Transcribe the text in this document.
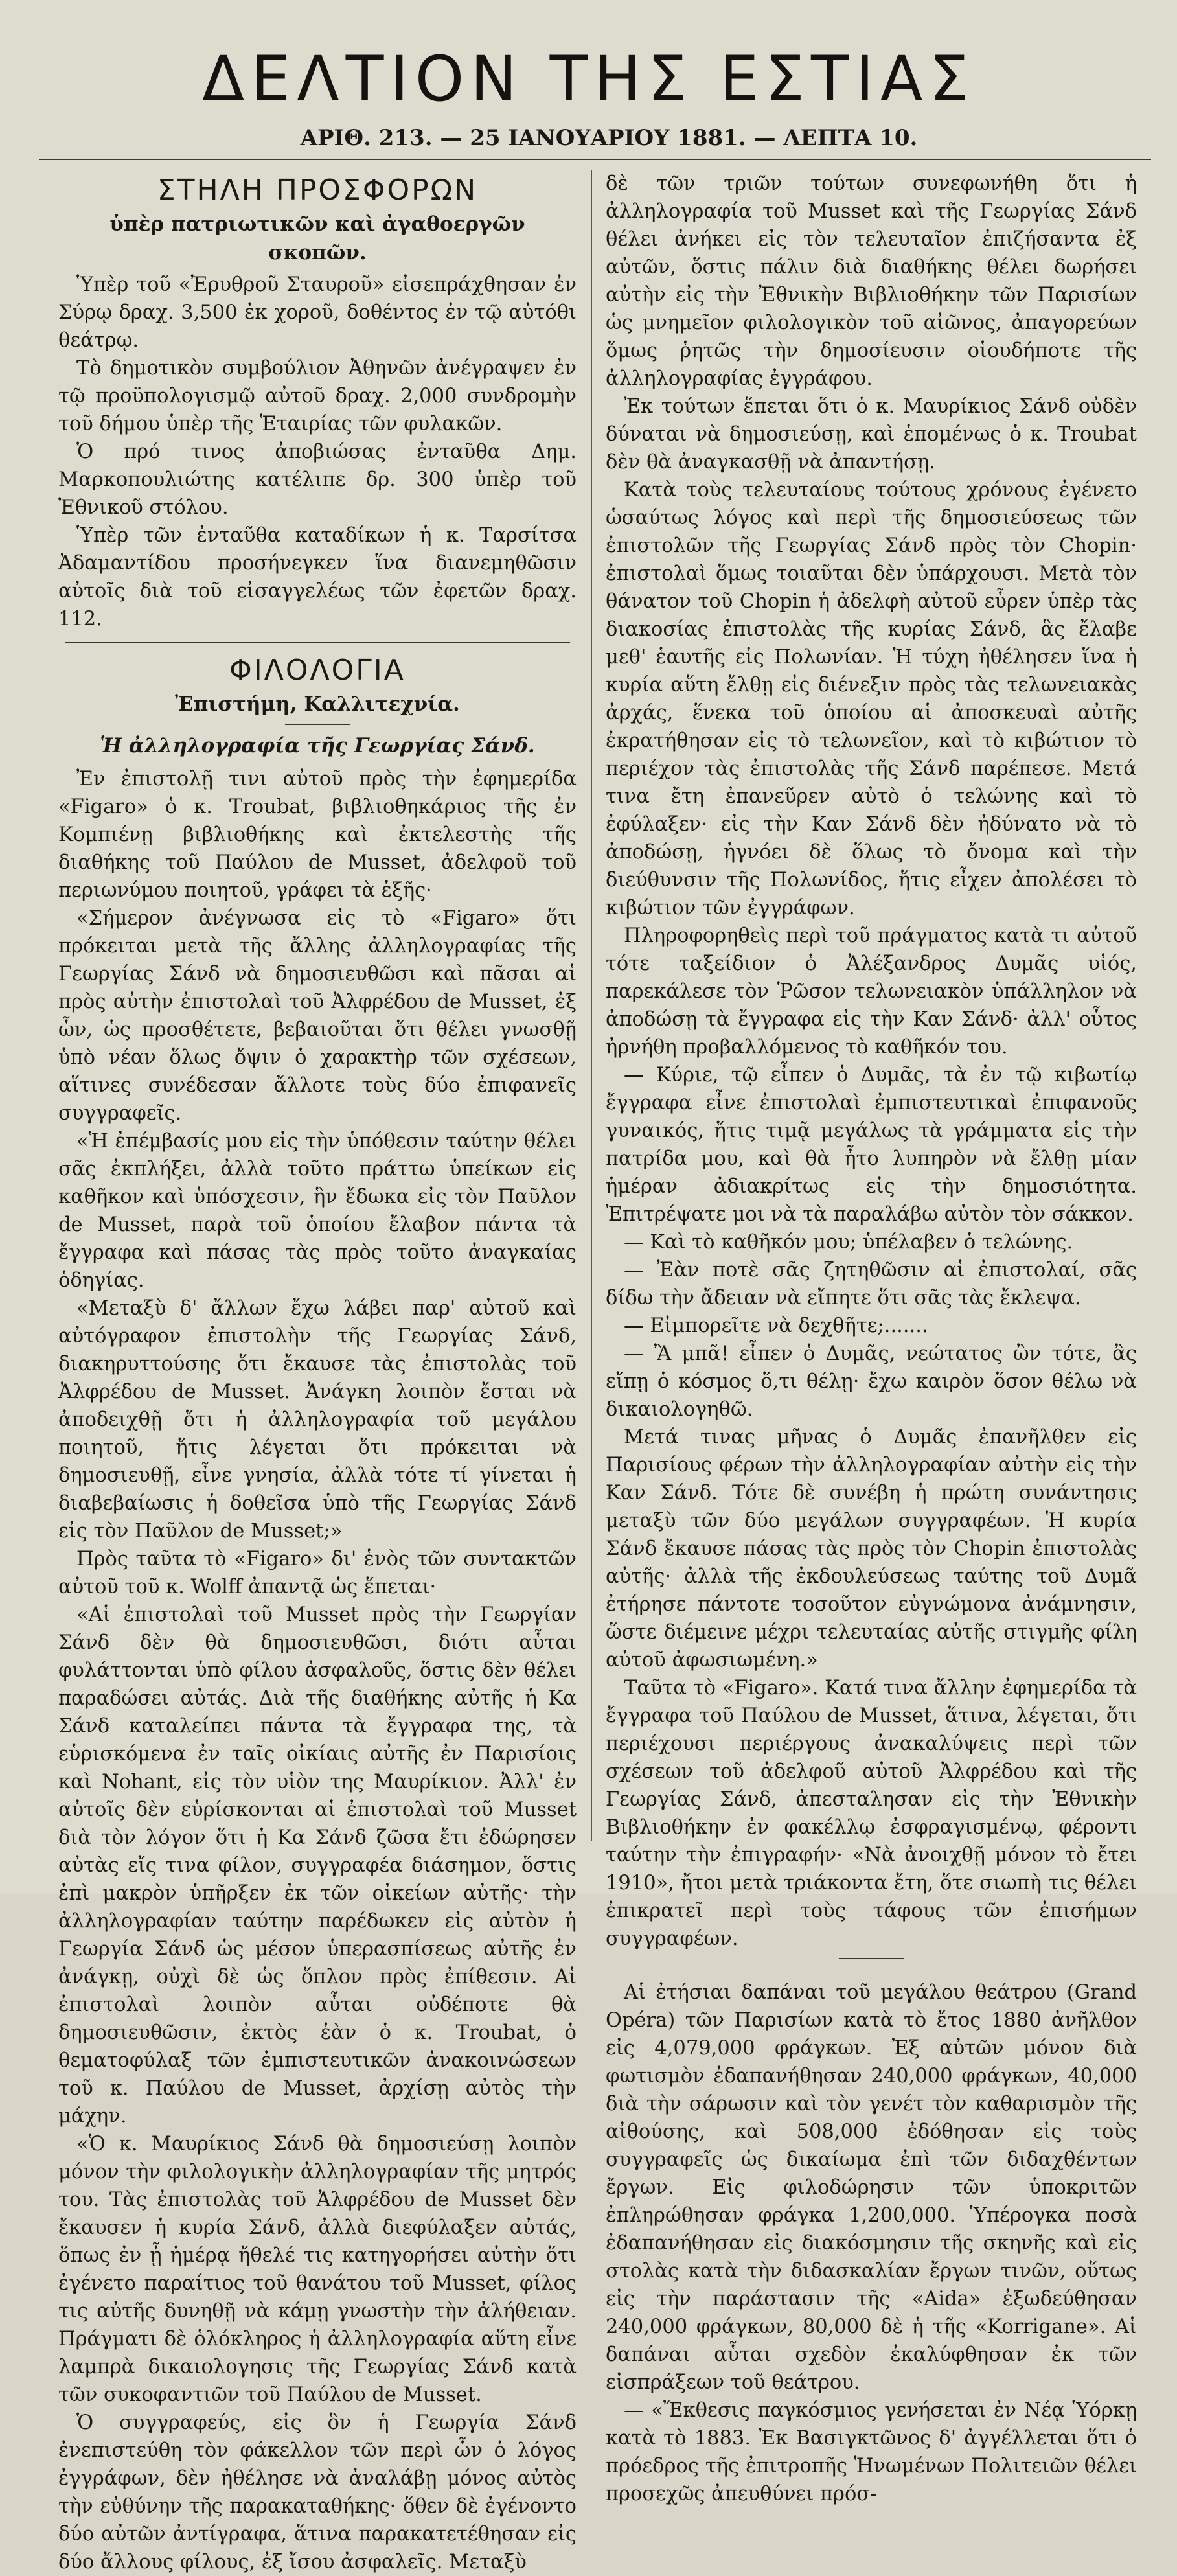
ΔΕΛΤΙΟΝ ΤΗΣ ΕΣΤΙΑΣ
ΑΡΙΘ. 213. — 25 ΙΑΝΟΥΑΡΙΟΥ 1881. — ΛΕΠΤΑ 10.
ΣΤΗΛΗ ΠΡΟΣΦΟΡΩΝ
ὑπὲρ πατριωτικῶν καὶ ἀγαθοεργῶν σκοπῶν.

Ὑπὲρ τοῦ «Ἐρυθροῦ Σταυροῦ» εἰσεπράχθησαν ἐν Σύρῳ δραχ. 3,500 ἐκ χοροῦ, δοθέντος ἐν τῷ αὐτόθι θεάτρῳ.

Τὸ δημοτικὸν συμβούλιον Ἀθηνῶν ἀνέγραψεν ἐν τῷ προϋπολογισμῷ αὐτοῦ δραχ. 2,000 συνδρομὴν τοῦ δήμου ὑπὲρ τῆς Ἑταιρίας τῶν φυλακῶν.

Ὁ πρό τινος ἀποβιώσας ἐνταῦθα Δημ. Μαρκοπουλιώτης κατέλιπε δρ. 300 ὑπὲρ τοῦ Ἐθνικοῦ στόλου.

Ὑπὲρ τῶν ἐνταῦθα καταδίκων ἡ κ. Ταρσίτσα Ἀδαμαντίδου προσήνεγκεν ἵνα διανεμηθῶσιν αὐτοῖς διὰ τοῦ εἰσαγγελέως τῶν ἐφετῶν δραχ. 112.

ΦΙΛΟΛΟΓΙΑ
Ἐπιστήμη, Καλλιτεχνία.
Ἡ ἀλληλογραφία τῆς Γεωργίας Σάνδ.

Ἐν ἐπιστολῇ τινι αὐτοῦ πρὸς τὴν ἐφημερίδα «Figaro» ὁ κ. Troubat, βιβλιοθηκάριος τῆς ἐν Κομπιένῃ βιβλιοθήκης καὶ ἐκτελεστὴς τῆς διαθήκης τοῦ Παύλου de Musset, ἀδελφοῦ τοῦ περιωνύμου ποιητοῦ, γράφει τὰ ἑξῆς·

«Σήμερον ἀνέγνωσα εἰς τὸ «Figaro» ὅτι πρόκειται μετὰ τῆς ἄλλης ἀλληλογραφίας τῆς Γεωργίας Σάνδ νὰ δημοσιευθῶσι καὶ πᾶσαι αἱ πρὸς αὐτὴν ἐπιστολαὶ τοῦ Ἀλφρέδου de Musset, ἐξ ὧν, ὡς προσθέτετε, βεβαιοῦται ὅτι θέλει γνωσθῇ ὑπὸ νέαν ὅλως ὄψιν ὁ χαρακτὴρ τῶν σχέσεων, αἵτινες συνέδεσαν ἄλλοτε τοὺς δύο ἐπιφανεῖς συγγραφεῖς.

«Ἡ ἐπέμβασίς μου εἰς τὴν ὑπόθεσιν ταύτην θέλει σᾶς ἐκπλήξει, ἀλλὰ τοῦτο πράττω ὑπείκων εἰς καθῆκον καὶ ὑπόσχεσιν, ἣν ἔδωκα εἰς τὸν Παῦλον de Musset, παρὰ τοῦ ὁποίου ἔλαβον πάντα τὰ ἔγγραφα καὶ πάσας τὰς πρὸς τοῦτο ἀναγκαίας ὁδηγίας.

«Μεταξὺ δ' ἄλλων ἔχω λάβει παρ' αὐτοῦ καὶ αὐτόγραφον ἐπιστολὴν τῆς Γεωργίας Σάνδ, διακηρυττούσης ὅτι ἔκαυσε τὰς ἐπιστολὰς τοῦ Ἀλφρέδου de Musset. Ἀνάγκη λοιπὸν ἔσται νὰ ἀποδειχθῇ ὅτι ἡ ἀλληλογραφία τοῦ μεγάλου ποιητοῦ, ἥτις λέγεται ὅτι πρόκειται νὰ δημοσιευθῇ, εἶνε γνησία, ἀλλὰ τότε τί γίνεται ἡ διαβεβαίωσις ἡ δοθεῖσα ὑπὸ τῆς Γεωργίας Σάνδ εἰς τὸν Παῦλον de Musset;»

Πρὸς ταῦτα τὸ «Figaro» δι' ἑνὸς τῶν συντακτῶν αὐτοῦ τοῦ κ. Wolff ἀπαντᾷ ὡς ἕπεται·

«Αἱ ἐπιστολαὶ τοῦ Musset πρὸς τὴν Γεωργίαν Σάνδ δὲν θὰ δημοσιευθῶσι, διότι αὗται φυλάττονται ὑπὸ φίλου ἀσφαλοῦς, ὅστις δὲν θέλει παραδώσει αὐτάς. Διὰ τῆς διαθήκης αὐτῆς ἡ Κα Σάνδ καταλείπει πάντα τὰ ἔγγραφα της, τὰ εὑρισκόμενα ἐν ταῖς οἰκίαις αὐτῆς ἐν Παρισίοις καὶ Nohant, εἰς τὸν υἱὸν της Μαυρίκιον. Ἀλλ' ἐν αὐτοῖς δὲν εὑρίσκονται αἱ ἐπιστολαὶ τοῦ Musset διὰ τὸν λόγον ὅτι ἡ Κα Σάνδ ζῶσα ἔτι ἐδώρησεν αὐτὰς εἴς τινα φίλον, συγγραφέα διάσημον, ὅστις ἐπὶ μακρὸν ὑπῆρξεν ἐκ τῶν οἰκείων αὐτῆς· τὴν ἀλληλογραφίαν ταύτην παρέδωκεν εἰς αὐτὸν ἡ Γεωργία Σάνδ ὡς μέσον ὑπερασπίσεως αὐτῆς ἐν ἀνάγκῃ, οὐχὶ δὲ ὡς ὅπλον πρὸς ἐπίθεσιν. Αἱ ἐπιστολαὶ λοιπὸν αὗται οὐδέποτε θὰ δημοσιευθῶσιν, ἐκτὸς ἐὰν ὁ κ. Troubat, ὁ θεματοφύλαξ τῶν ἐμπιστευτικῶν ἀνακοινώσεων τοῦ κ. Παύλου de Musset, ἀρχίσῃ αὐτὸς τὴν μάχην.

«Ὁ κ. Μαυρίκιος Σάνδ θὰ δημοσιεύσῃ λοιπὸν μόνον τὴν φιλολογικὴν ἀλληλογραφίαν τῆς μητρός του. Τὰς ἐπιστολὰς τοῦ Ἀλφρέδου de Musset δὲν ἔκαυσεν ἡ κυρία Σάνδ, ἀλλὰ διεφύλαξεν αὐτάς, ὅπως ἐν ᾗ ἡμέρᾳ ἤθελέ τις κατηγορήσει αὐτὴν ὅτι ἐγένετο παραίτιος τοῦ θανάτου τοῦ Musset, φίλος τις αὐτῆς δυνηθῇ νὰ κάμῃ γνωστὴν τὴν ἀλήθειαν. Πράγματι δὲ ὁλόκληρος ἡ ἀλληλογραφία αὕτη εἶνε λαμπρὰ δικαιολογησις τῆς Γεωργίας Σάνδ κατὰ τῶν συκοφαντιῶν τοῦ Παύλου de Musset.

Ὁ συγγραφεύς, εἰς ὃν ἡ Γεωργία Σάνδ ἐνεπιστεύθη τὸν φάκελλον τῶν περὶ ὧν ὁ λόγος ἐγγράφων, δὲν ἠθέλησε νὰ ἀναλάβῃ μόνος αὐτὸς τὴν εὐθύνην τῆς παρακαταθήκης· ὅθεν δὲ ἐγένοντο δύο αὐτῶν ἀντίγραφα, ἅτινα παρακατετέθησαν εἰς δύο ἄλλους φίλους, ἐξ ἴσου ἀσφαλεῖς. Μεταξὺ

δὲ τῶν τριῶν τούτων συνεφωνήθη ὅτι ἡ ἀλληλογραφία τοῦ Musset καὶ τῆς Γεωργίας Σάνδ θέλει ἀνήκει εἰς τὸν τελευταῖον ἐπιζήσαντα ἐξ αὐτῶν, ὅστις πάλιν διὰ διαθήκης θέλει δωρήσει αὐτὴν εἰς τὴν Ἐθνικὴν Βιβλιοθήκην τῶν Παρισίων ὡς μνημεῖον φιλολογικὸν τοῦ αἰῶνος, ἀπαγορεύων ὅμως ῥητῶς τὴν δημοσίευσιν οἱουδήποτε τῆς ἀλληλογραφίας ἐγγράφου.

Ἐκ τούτων ἕπεται ὅτι ὁ κ. Μαυρίκιος Σάνδ οὐδὲν δύναται νὰ δημοσιεύσῃ, καὶ ἑπομένως ὁ κ. Troubat δὲν θὰ ἀναγκασθῇ νὰ ἀπαντήσῃ.

Κατὰ τοὺς τελευταίους τούτους χρόνους ἐγένετο ὡσαύτως λόγος καὶ περὶ τῆς δημοσιεύσεως τῶν ἐπιστολῶν τῆς Γεωργίας Σάνδ πρὸς τὸν Chopin· ἐπιστολαὶ ὅμως τοιαῦται δὲν ὑπάρχουσι. Μετὰ τὸν θάνατον τοῦ Chopin ἡ ἀδελφὴ αὐτοῦ εὗρεν ὑπὲρ τὰς διακοσίας ἐπιστολὰς τῆς κυρίας Σάνδ, ἃς ἔλαβε μεθ' ἑαυτῆς εἰς Πολωνίαν. Ἡ τύχη ἠθέλησεν ἵνα ἡ κυρία αὕτη ἔλθῃ εἰς διένεξιν πρὸς τὰς τελωνειακὰς ἀρχάς, ἕνεκα τοῦ ὁποίου αἱ ἀποσκευαὶ αὐτῆς ἐκρατήθησαν εἰς τὸ τελωνεῖον, καὶ τὸ κιβώτιον τὸ περιέχον τὰς ἐπιστολὰς τῆς Σάνδ παρέπεσε. Μετά τινα ἔτη ἐπανεῦρεν αὐτὸ ὁ τελώνης καὶ τὸ ἐφύλαξεν· εἰς τὴν Καν Σάνδ δὲν ἠδύνατο νὰ τὸ ἀποδώσῃ, ἠγνόει δὲ ὅλως τὸ ὄνομα καὶ τὴν διεύθυνσιν τῆς Πολωνίδος, ἥτις εἶχεν ἀπολέσει τὸ κιβώτιον τῶν ἐγγράφων.

Πληροφορηθεὶς περὶ τοῦ πράγματος κατὰ τι αὐτοῦ τότε ταξείδιον ὁ Ἀλέξανδρος Δυμᾶς υἱός, παρεκάλεσε τὸν Ῥῶσον τελωνειακὸν ὑπάλληλον νὰ ἀποδώσῃ τὰ ἔγγραφα εἰς τὴν Καν Σάνδ· ἀλλ' οὗτος ἠρνήθη προβαλλόμενος τὸ καθῆκόν του.

— Κύριε, τῷ εἶπεν ὁ Δυμᾶς, τὰ ἐν τῷ κιβωτίῳ ἔγγραφα εἶνε ἐπιστολαὶ ἐμπιστευτικαὶ ἐπιφανοῦς γυναικός, ἥτις τιμᾷ μεγάλως τὰ γράμματα εἰς τὴν πατρίδα μου, καὶ θὰ ἦτο λυπηρὸν νὰ ἔλθῃ μίαν ἡμέραν ἀδιακρίτως εἰς τὴν δημοσιότητα. Ἐπιτρέψατε μοι νὰ τὰ παραλάβω αὐτὸν τὸν σάκκον.

— Καὶ τὸ καθῆκόν μου; ὑπέλαβεν ὁ τελώνης.

— Ἐὰν ποτὲ σᾶς ζητηθῶσιν αἱ ἐπιστολαί, σᾶς δίδω τὴν ἄδειαν νὰ εἴπητε ὅτι σᾶς τὰς ἔκλεψα.

— Εἰμπορεῖτε νὰ δεχθῆτε;.......

— Ἂ μπᾶ! εἶπεν ὁ Δυμᾶς, νεώτατος ὢν τότε, ἂς εἴπῃ ὁ κόσμος ὅ,τι θέλῃ· ἔχω καιρὸν ὅσον θέλω νὰ δικαιολογηθῶ.

Μετά τινας μῆνας ὁ Δυμᾶς ἐπανῆλθεν εἰς Παρισίους φέρων τὴν ἀλληλογραφίαν αὐτὴν εἰς τὴν Καν Σάνδ. Τότε δὲ συνέβη ἡ πρώτη συνάντησις μεταξὺ τῶν δύο μεγάλων συγγραφέων. Ἡ κυρία Σάνδ ἔκαυσε πάσας τὰς πρὸς τὸν Chopin ἐπιστολὰς αὐτῆς· ἀλλὰ τῆς ἐκδουλεύσεως ταύτης τοῦ Δυμᾶ ἐτήρησε πάντοτε τοσοῦτον εὐγνώμονα ἀνάμνησιν, ὥστε διέμεινε μέχρι τελευταίας αὐτῆς στιγμῆς φίλη αὐτοῦ ἀφωσιωμένη.»

Ταῦτα τὸ «Figaro». Κατά τινα ἄλλην ἐφημερίδα τὰ ἔγγραφα τοῦ Παύλου de Musset, ἅτινα, λέγεται, ὅτι περιέχουσι περιέργους ἀνακαλύψεις περὶ τῶν σχέσεων τοῦ ἀδελφοῦ αὐτοῦ Ἀλφρέδου καὶ τῆς Γεωργίας Σάνδ, ἀπεσταλησαν εἰς τὴν Ἐθνικὴν Βιβλιοθήκην ἐν φακέλλῳ ἐσφραγισμένῳ, φέροντι ταύτην τὴν ἐπιγραφήν· «Νὰ ἀνοιχθῇ μόνον τὸ ἔτει 1910», ἤτοι μετὰ τριάκοντα ἔτη, ὅτε σιωπὴ τις θέλει ἐπικρατεῖ περὶ τοὺς τάφους τῶν ἐπισήμων συγγραφέων.

Αἱ ἐτήσιαι δαπάναι τοῦ μεγάλου θεάτρου (Grand Opéra) τῶν Παρισίων κατὰ τὸ ἔτος 1880 ἀνῆλθον εἰς 4,079,000 φράγκων. Ἐξ αὐτῶν μόνον διὰ φωτισμὸν ἐδαπανήθησαν 240,000 φράγκων, 40,000 διὰ τὴν σάρωσιν καὶ τὸν γενέτ τὸν καθαρισμὸν τῆς αἰθούσης, καὶ 508,000 ἐδόθησαν εἰς τοὺς συγγραφεῖς ὡς δικαίωμα ἐπὶ τῶν διδαχθέντων ἔργων. Εἰς φιλοδώρησιν τῶν ὑποκριτῶν ἐπληρώθησαν φράγκα 1,200,000. Ὑπέρογκα ποσὰ ἐδαπανήθησαν εἰς διακόσμησιν τῆς σκηνῆς καὶ εἰς στολὰς κατὰ τὴν διδασκαλίαν ἔργων τινῶν, οὕτως εἰς τὴν παράστασιν τῆς «Aida» ἐξωδεύθησαν 240,000 φράγκων, 80,000 δὲ ἡ τῆς «Korrigane». Αἱ δαπάναι αὗται σχεδὸν ἐκαλύφθησαν ἐκ τῶν εἰσπράξεων τοῦ θεάτρου.

— «Ἔκθεσις παγκόσμιος γενήσεται ἐν Νέᾳ Ὑόρκῃ κατὰ τὸ 1883. Ἐκ Βασιγκτῶνος δ' ἀγγέλλεται ὅτι ὁ πρόεδρος τῆς ἐπιτροπῆς Ἡνωμένων Πολιτειῶν θέλει προσεχῶς ἀπευθύνει πρόσ-
